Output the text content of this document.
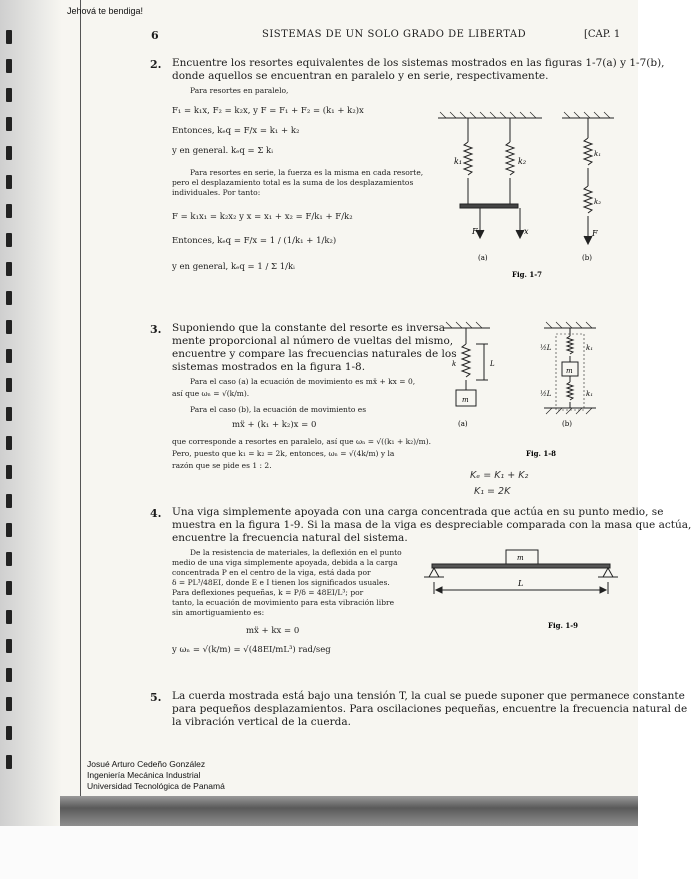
Jehová te bendiga!
6	SISTEMAS DE UN SOLO GRADO DE LIBERTAD	[CAP. 1
2. Encuentre los resortes equivalentes de los sistemas mostrados en las figuras 1-7(a) y 1-7(b),
donde aquellos se encuentran en paralelo y en serie, respectivamente.
Para resortes en paralelo,
F₁ = k₁x, F₂ = k₂x, y F = F₁ + F₂ = (k₁ + k₂)x
Entonces, kₑq = F/x = k₁ + k₂
y en general. kₑq = Σ kᵢ
Para resortes en serie, la fuerza es la misma en cada resorte,
pero el desplazamiento total es la suma de los desplazamientos
individuales. Por tanto:
F = k₁x₁ = k₂x₂ y x = x₁ + x₂ = F/k₁ + F/k₂
Entonces, kₑq = F/x = 1 / (1/k₁ + 1/k₂)
y en general, kₑq = 1 / Σ 1/kᵢ
k₁	k₂
F	x
k₁
k₂
F
(a)	(b)
Fig. 1-7
3. Suponiendo que la constante del resorte es inversa-
mente proporcional al número de vueltas del mismo,
encuentre y compare las frecuencias naturales de los
sistemas mostrados en la figura 1-8.
Para el caso (a) la ecuación de movimiento es mẍ + kx = 0,
así que ωₙ = √(k/m).
Para el caso (b), la ecuación de movimiento es
mẍ + (k₁ + k₂)x = 0
que corresponde a resortes en paralelo, así que ωₙ = √((k₁ + k₂)/m).
Pero, puesto que k₁ = k₂ = 2k, entonces, ωₙ = √(4k/m) y la
razón que se pide es 1 : 2.
k	L
m
½L
½L
k₁
k₁
m
(a)	(b)
Fig. 1-8
Kₑ = K₁ + K₂
K₁ = 2K
4. Una viga simplemente apoyada con una carga concentrada que actúa en su punto medio, se
muestra en la figura 1-9. Si la masa de la viga es despreciable comparada con la masa que actúa,
encuentre la frecuencia natural del sistema.
De la resistencia de materiales, la deflexión en el punto
medio de una viga simplemente apoyada, debida a la carga
concentrada P en el centro de la viga, está dada por
δ = PL³/48EI, donde E e I tienen los significados usuales.
Para deflexiones pequeñas, k = P/δ = 48EI/L³; por
tanto, la ecuación de movimiento para esta vibración libre
sin amortiguamiento es:
mẍ + kx = 0
y ωₙ = √(k/m) = √(48EI/mL³) rad/seg
m
L
Fig. 1-9
5. La cuerda mostrada está bajo una tensión T, la cual se puede suponer que permanece constante
para pequeños desplazamientos. Para oscilaciones pequeñas, encuentre la frecuencia natural de
la vibración vertical de la cuerda.
Josué Arturo Cedeño González
Ingeniería Mecánica Industrial
Universidad Tecnológica de Panamá
